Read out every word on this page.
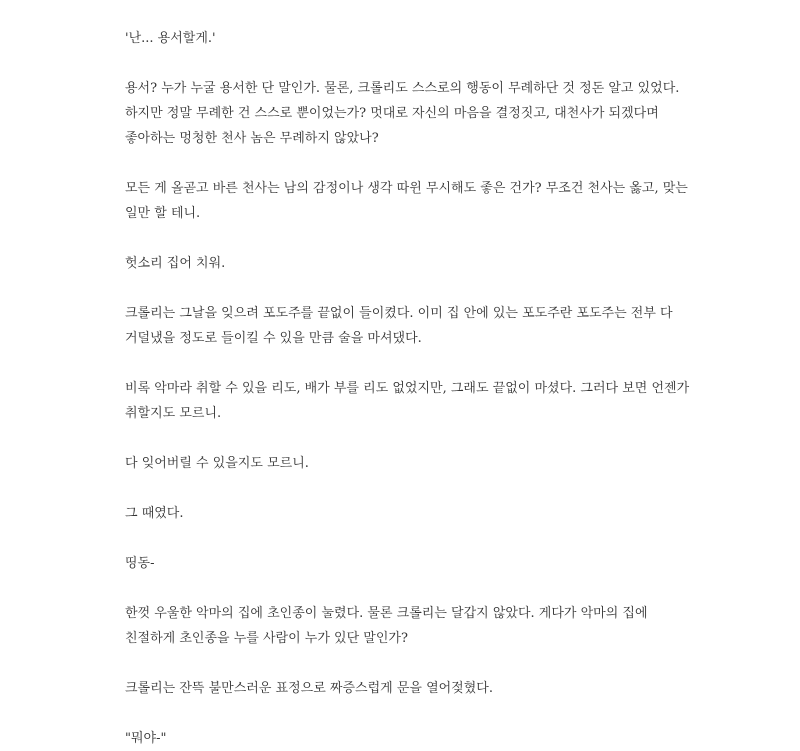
'난... 용서할게.'

용서? 누가 누굴 용서한 단 말인가. 물론, 크롤리도 스스로의 행동이 무례하단 것 정돈 알고 있었다. 하지만 정말 무례한 건 스스로 뿐이었는가? 멋대로 자신의 마음을 결정짓고, 대천사가 되겠다며 좋아하는 멍청한 천사 놈은 무례하지 않았나?

모든 게 올곧고 바른 천사는 남의 감정이나 생각 따윈 무시해도 좋은 건가? 무조건 천사는 옳고, 맞는 일만 할 테니.

헛소리 집어 치워.

크롤리는 그날을 잊으려 포도주를 끝없이 들이켰다. 이미 집 안에 있는 포도주란 포도주는 전부 다 거덜냈을 정도로 들이킬 수 있을 만큼 술을 마셔댔다.

비록 악마라 취할 수 있을 리도, 배가 부를 리도 없었지만, 그래도 끝없이 마셨다. 그러다 보면 언젠가 취할지도 모르니.

다 잊어버릴 수 있을지도 모르니.

그 때였다.

띵동-

한껏 우울한 악마의 집에 초인종이 눌렸다. 물론 크롤리는 달갑지 않았다. 게다가 악마의 집에 친절하게 초인종을 누를 사람이 누가 있단 말인가?

크롤리는 잔뜩 불만스러운 표정으로 짜증스럽게 문을 열어젖혔다.

"뭐야-"
